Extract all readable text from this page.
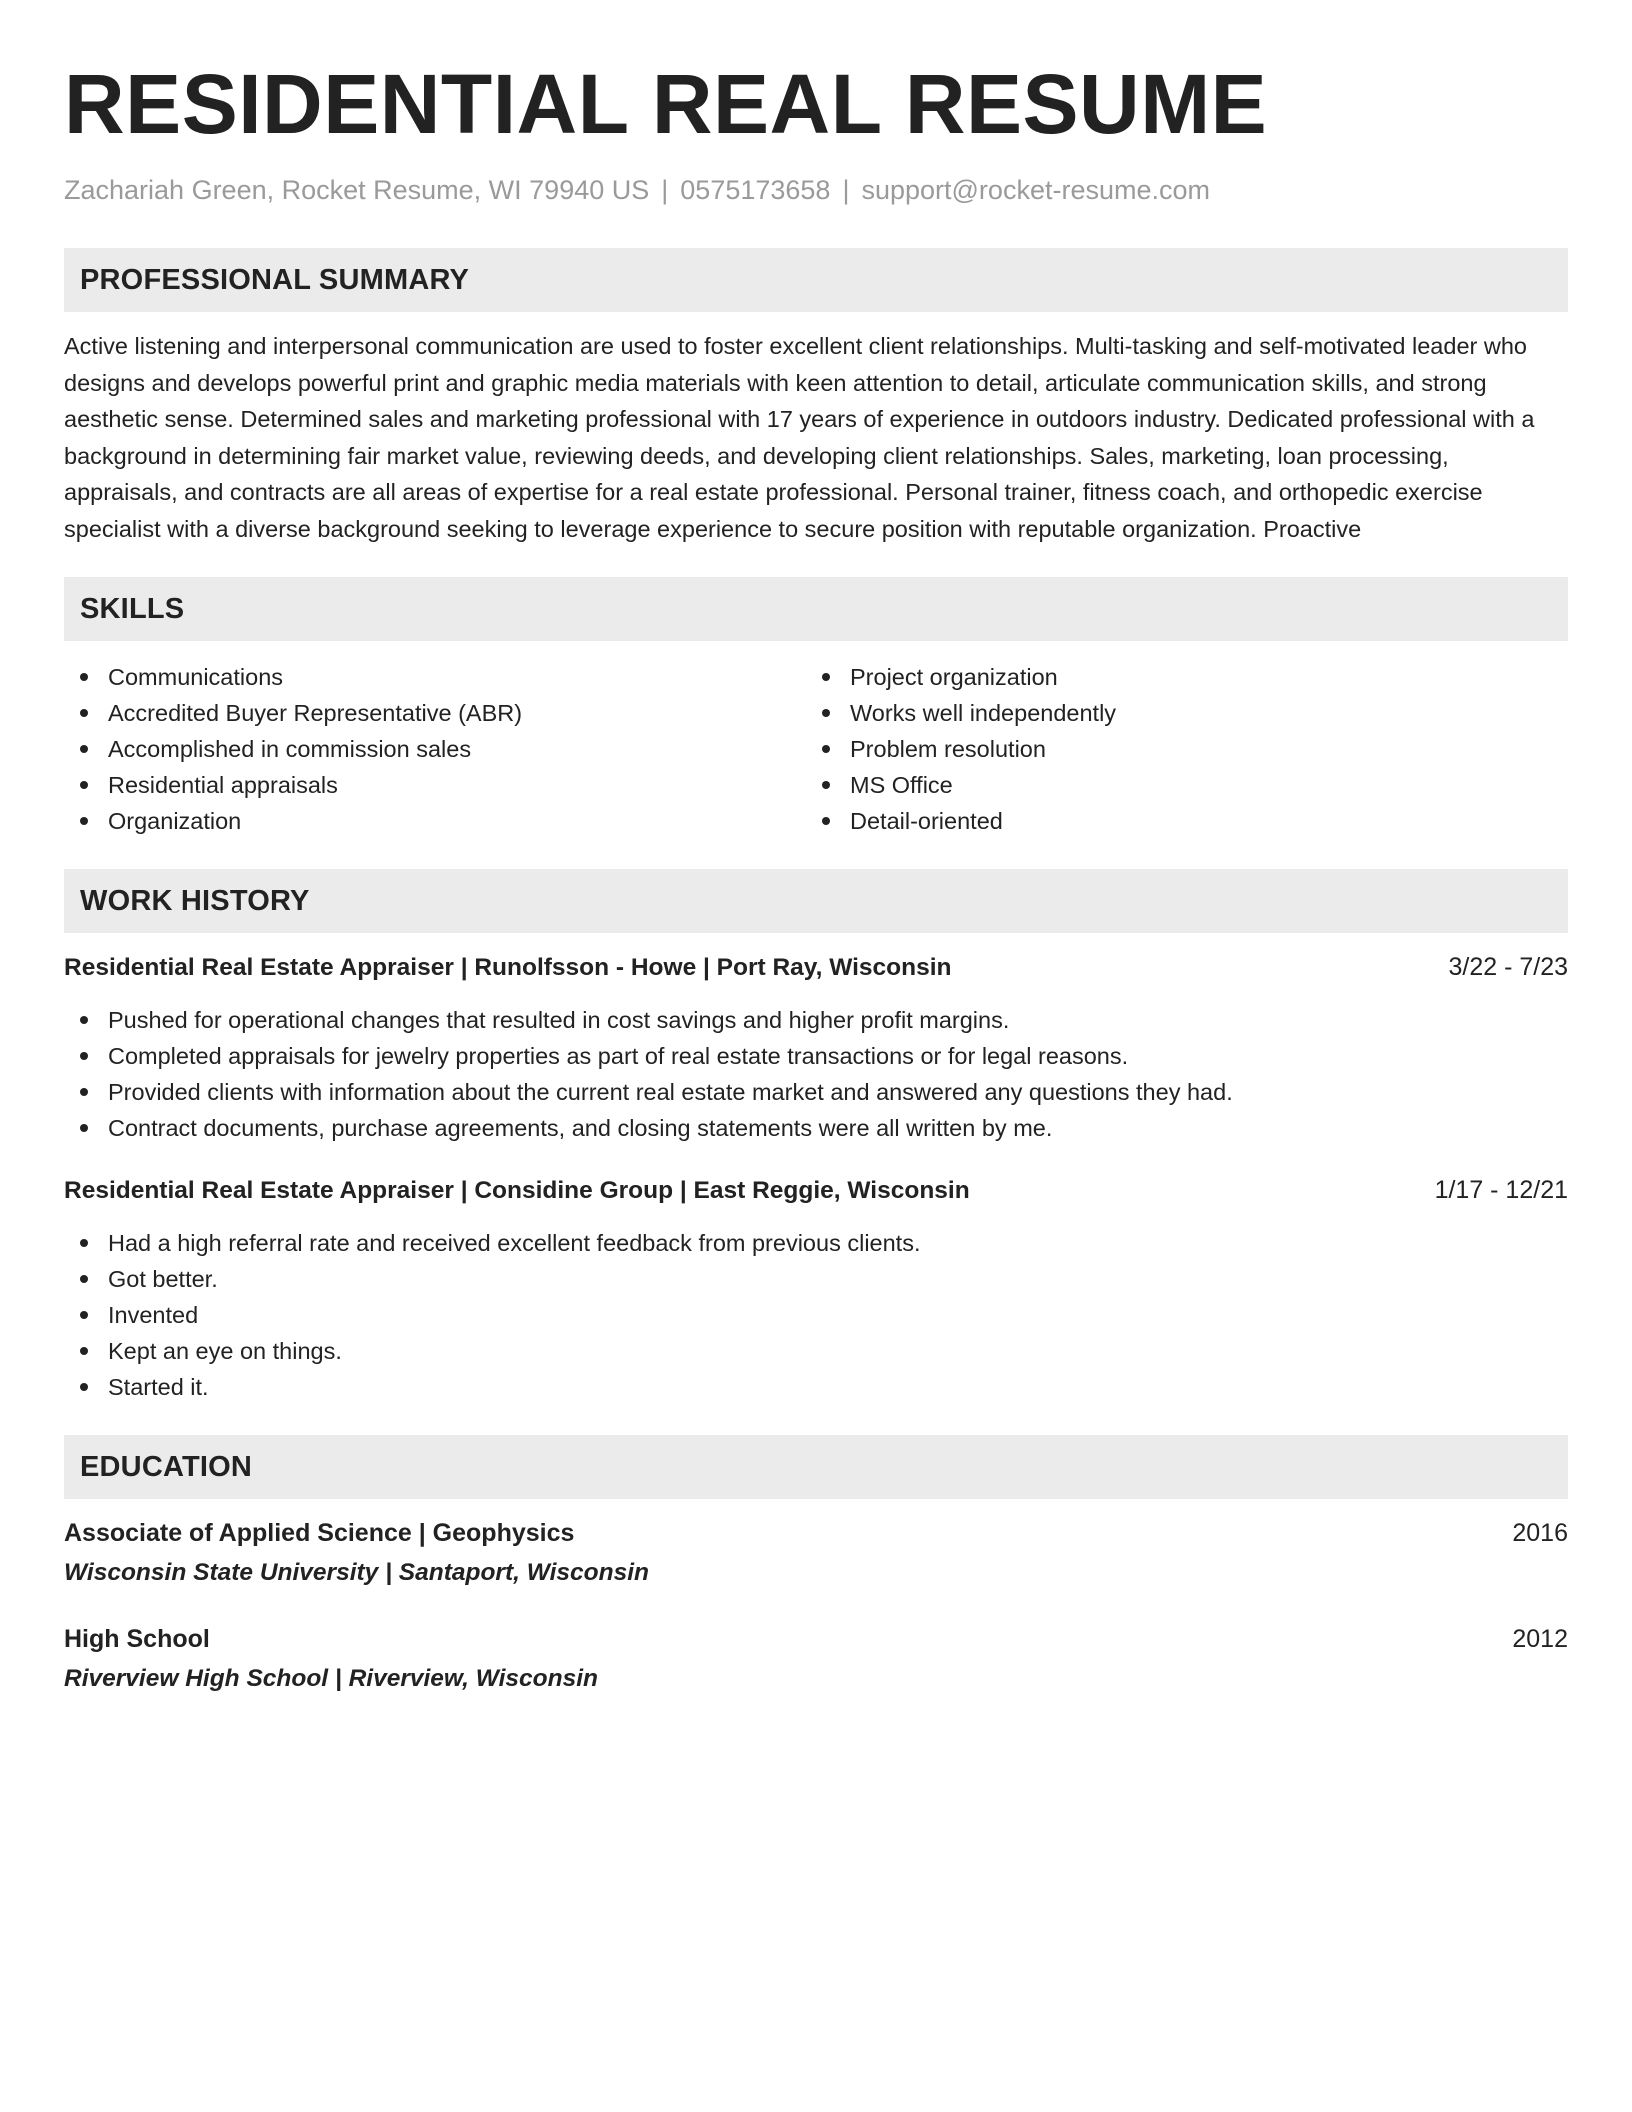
RESIDENTIAL REAL RESUME
Zachariah Green, Rocket Resume, WI 79940 US | 0575173658 | support@rocket-resume.com
PROFESSIONAL SUMMARY

Active listening and interpersonal communication are used to foster excellent client relationships. Multi-tasking and self-motivated leader who designs and develops powerful print and graphic media materials with keen attention to detail, articulate communication skills, and strong aesthetic sense. Determined sales and marketing professional with 17 years of experience in outdoors industry. Dedicated professional with a background in determining fair market value, reviewing deeds, and developing client relationships. Sales, marketing, loan processing, appraisals, and contracts are all areas of expertise for a real estate professional. Personal trainer, fitness coach, and orthopedic exercise specialist with a diverse background seeking to leverage experience to secure position with reputable organization. Proactive

SKILLS
Communications
Accredited Buyer Representative (ABR)
Accomplished in commission sales
Residential appraisals
Organization
Project organization
Works well independently
Problem resolution
MS Office
Detail-oriented
WORK HISTORY
Residential Real Estate Appraiser | Runolfsson - Howe | Port Ray, Wisconsin	3/22 - 7/23
Pushed for operational changes that resulted in cost savings and higher profit margins.
Completed appraisals for jewelry properties as part of real estate transactions or for legal reasons.
Provided clients with information about the current real estate market and answered any questions they had.
Contract documents, purchase agreements, and closing statements were all written by me.
Residential Real Estate Appraiser | Considine Group | East Reggie, Wisconsin	1/17 - 12/21
Had a high referral rate and received excellent feedback from previous clients.
Got better.
Invented
Kept an eye on things.
Started it.
EDUCATION
Associate of Applied Science | Geophysics	2016
Wisconsin State University | Santaport, Wisconsin
High School	2012
Riverview High School | Riverview, Wisconsin
